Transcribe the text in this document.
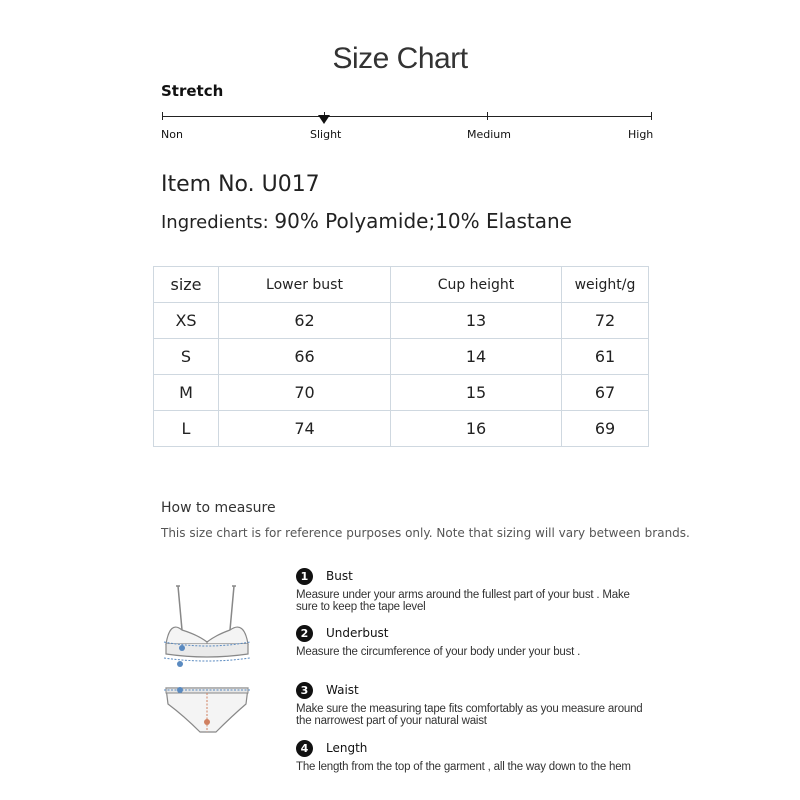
Size Chart
Stretch
Non	Slight	Medium	High
Item No. U017
Ingredients: 90% Polyamide;10% Elastane
size	Lower bust	Cup height	weight/g
XS	62	13	72
S	66	14	61
M	70	15	67
L	74	16	69
How to measure
This size chart is for reference purposes only. Note that sizing will vary between brands.
1	Bust
Measure under your arms around the fullest part of your bust . Make sure to keep the tape level
2	Underbust
Measure the circumference of your body under your bust .
3	Waist
Make sure the measuring tape fits comfortably as you measure around the narrowest part of your natural waist
4	Length
The length from the top of the garment , all the way down to the hem
